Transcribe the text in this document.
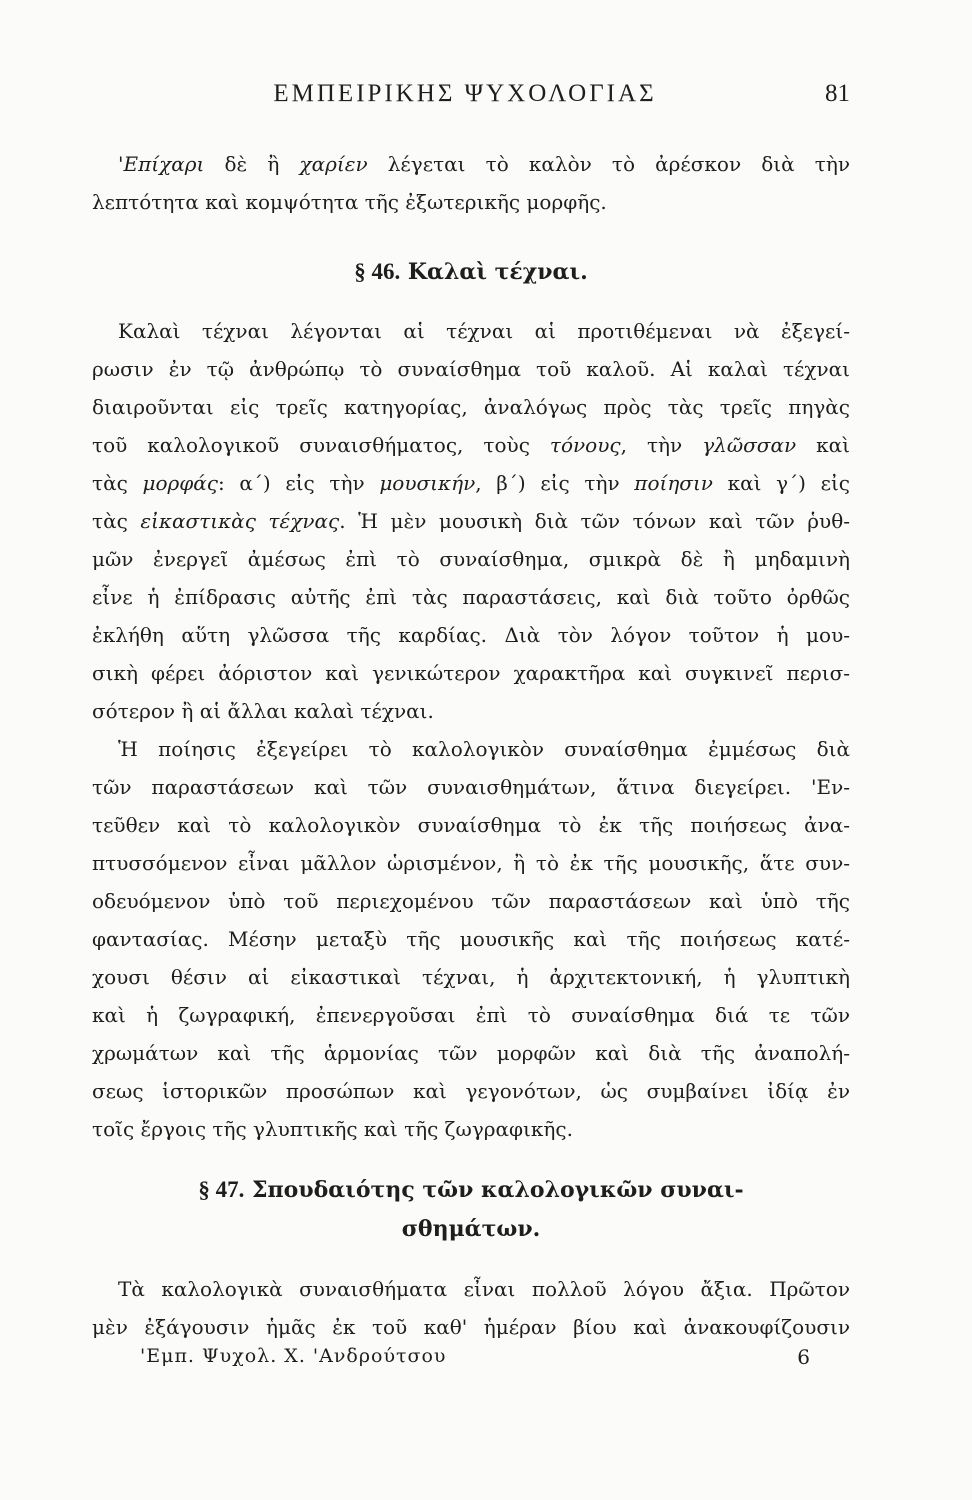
ΕΜΠΕΙΡΙΚΗΣ ΨΥΧΟΛΟΓΙΑΣ	81

'Επίχαρι δὲ ἢ χαρίεν λέγεται τὸ καλὸν τὸ ἀρέσκον διὰ τὴν

λεπτότητα καὶ κομψότητα τῆς ἐξωτερικῆς μορφῆς.

§ 46. Καλαὶ τέχναι.

Καλαὶ τέχναι λέγονται αἱ τέχναι αἱ προτιθέμεναι νὰ ἐξεγεί-

ρωσιν ἐν τῷ ἀνθρώπῳ τὸ συναίσθημα τοῦ καλοῦ. Αἱ καλαὶ τέχναι

διαιροῦνται εἰς τρεῖς κατηγορίας, ἀναλόγως πρὸς τὰς τρεῖς πηγὰς

τοῦ καλολογικοῦ συναισθήματος, τοὺς τόνους, τὴν γλῶσσαν καὶ

τὰς μορφάς: α΄) εἰς τὴν μουσικήν, β΄) εἰς τὴν ποίησιν καὶ γ΄) εἰς

τὰς εἰκαστικὰς τέχνας. Ἡ μὲν μουσικὴ διὰ τῶν τόνων καὶ τῶν ῥυθ-

μῶν ἐνεργεῖ ἀμέσως ἐπὶ τὸ συναίσθημα, σμικρὰ δὲ ἢ μηδαμινὴ

εἶνε ἡ ἐπίδρασις αὐτῆς ἐπὶ τὰς παραστάσεις, καὶ διὰ τοῦτο ὀρθῶς

ἐκλήθη αὕτη γλῶσσα τῆς καρδίας. Διὰ τὸν λόγον τοῦτον ἡ μου-

σικὴ φέρει ἀόριστον καὶ γενικώτερον χαρακτῆρα καὶ συγκινεῖ περισ-

σότερον ἢ αἱ ἄλλαι καλαὶ τέχναι.

Ἡ ποίησις ἐξεγείρει τὸ καλολογικὸν συναίσθημα ἐμμέσως διὰ

τῶν παραστάσεων καὶ τῶν συναισθημάτων, ἅτινα διεγείρει. 'Εν-

τεῦθεν καὶ τὸ καλολογικὸν συναίσθημα τὸ ἐκ τῆς ποιήσεως ἀνα-

πτυσσόμενον εἶναι μᾶλλον ὡρισμένον, ἢ τὸ ἐκ τῆς μουσικῆς, ἅτε συν-

οδευόμενον ὑπὸ τοῦ περιεχομένου τῶν παραστάσεων καὶ ὑπὸ τῆς

φαντασίας. Μέσην μεταξὺ τῆς μουσικῆς καὶ τῆς ποιήσεως κατέ-

χουσι θέσιν αἱ εἰκαστικαὶ τέχναι, ἡ ἀρχιτεκτονική, ἡ γλυπτικὴ

καὶ ἡ ζωγραφική, ἐπενεργοῦσαι ἐπὶ τὸ συναίσθημα διά τε τῶν

χρωμάτων καὶ τῆς ἁρμονίας τῶν μορφῶν καὶ διὰ τῆς ἀναπολή-

σεως ἱστορικῶν προσώπων καὶ γεγονότων, ὡς συμβαίνει ἰδίᾳ ἐν

τοῖς ἔργοις τῆς γλυπτικῆς καὶ τῆς ζωγραφικῆς.

§ 47. Σπουδαιότης τῶν καλολογικῶν συναι-
σθημάτων.

Τὰ καλολογικὰ συναισθήματα εἶναι πολλοῦ λόγου ἄξια. Πρῶτον

μὲν ἐξάγουσιν ἡμᾶς ἐκ τοῦ καθ' ἡμέραν βίου καὶ ἀνακουφίζουσιν

'Εμπ. Ψυχολ. Χ. 'Ανδρούτσου	6
